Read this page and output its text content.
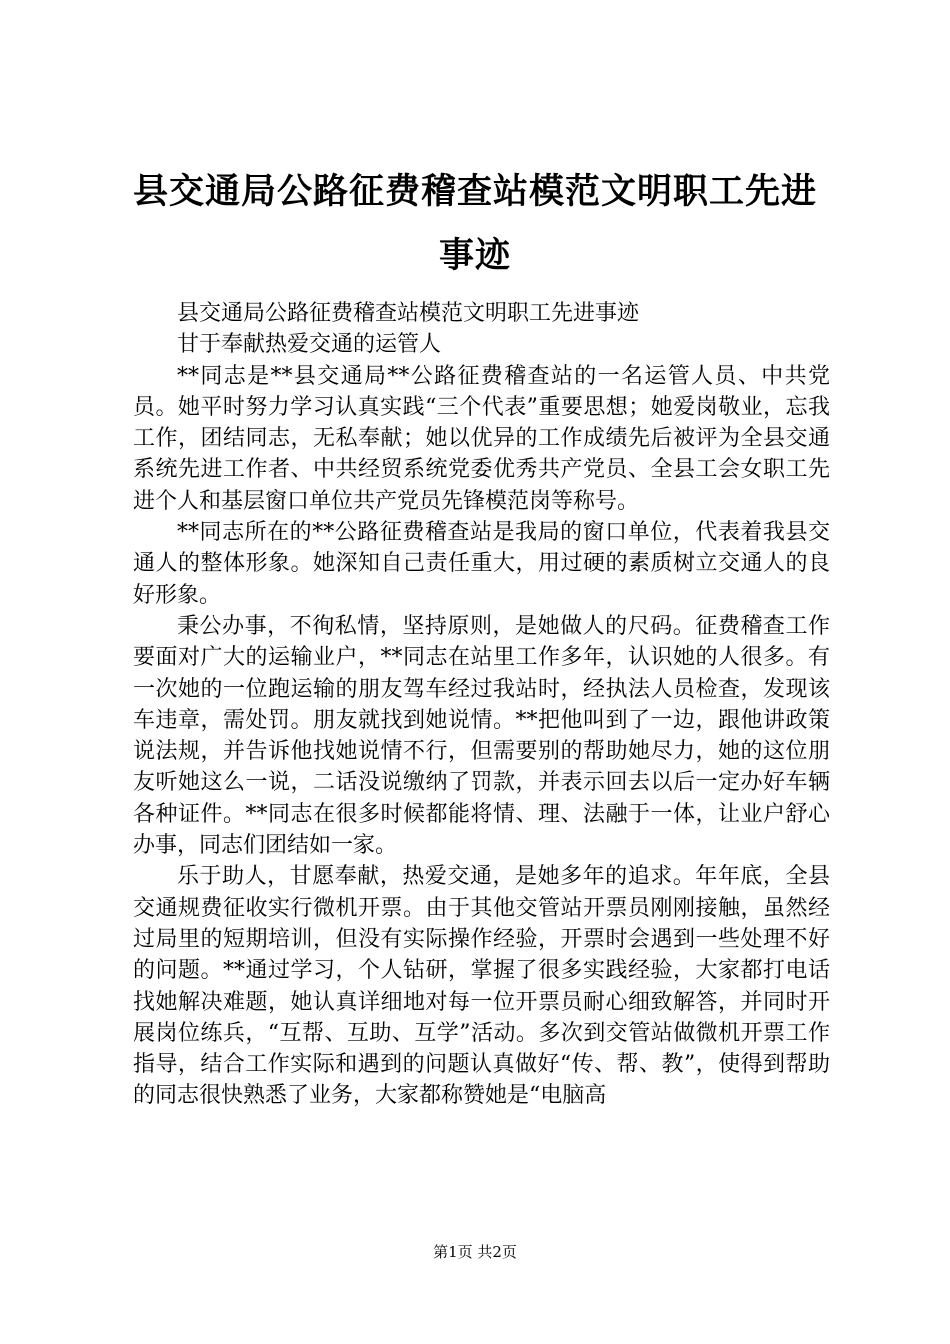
县交通局公路征费稽查站模范文明职工先进事迹

县交通局公路征费稽查站模范文明职工先进事迹

甘于奉献热爱交通的运管人

**同志是**县交通局**公路征费稽查站的一名运管人员、中共党员。她平时努力学习认真实践“三个代表”重要思想；她爱岗敬业，忘我工作，团结同志，无私奉献；她以优异的工作成绩先后被评为全县交通系统先进工作者、中共经贸系统党委优秀共产党员、全县工会女职工先进个人和基层窗口单位共产党员先锋模范岗等称号。

**同志所在的**公路征费稽查站是我局的窗口单位，代表着我县交通人的整体形象。她深知自己责任重大，用过硬的素质树立交通人的良好形象。

秉公办事，不徇私情，坚持原则，是她做人的尺码。征费稽查工作要面对广大的运输业户，**同志在站里工作多年，认识她的人很多。有一次她的一位跑运输的朋友驾车经过我站时，经执法人员检查，发现该车违章，需处罚。朋友就找到她说情。**把他叫到了一边，跟他讲政策说法规，并告诉他找她说情不行，但需要别的帮助她尽力，她的这位朋友听她这么一说，二话没说缴纳了罚款，并表示回去以后一定办好车辆各种证件。**同志在很多时候都能将情、理、法融于一体，让业户舒心办事，同志们团结如一家。

乐于助人，甘愿奉献，热爱交通，是她多年的追求。年年底，全县交通规费征收实行微机开票。由于其他交管站开票员刚刚接触，虽然经过局里的短期培训，但没有实际操作经验，开票时会遇到一些处理不好的问题。**通过学习，个人钻研，掌握了很多实践经验，大家都打电话找她解决难题，她认真详细地对每一位开票员耐心细致解答，并同时开展岗位练兵，“互帮、互助、互学”活动。多次到交管站做微机开票工作指导，结合工作实际和遇到的问题认真做好“传、帮、教”，使得到帮助的同志很快熟悉了业务，大家都称赞她是“电脑高

第1页 共2页
